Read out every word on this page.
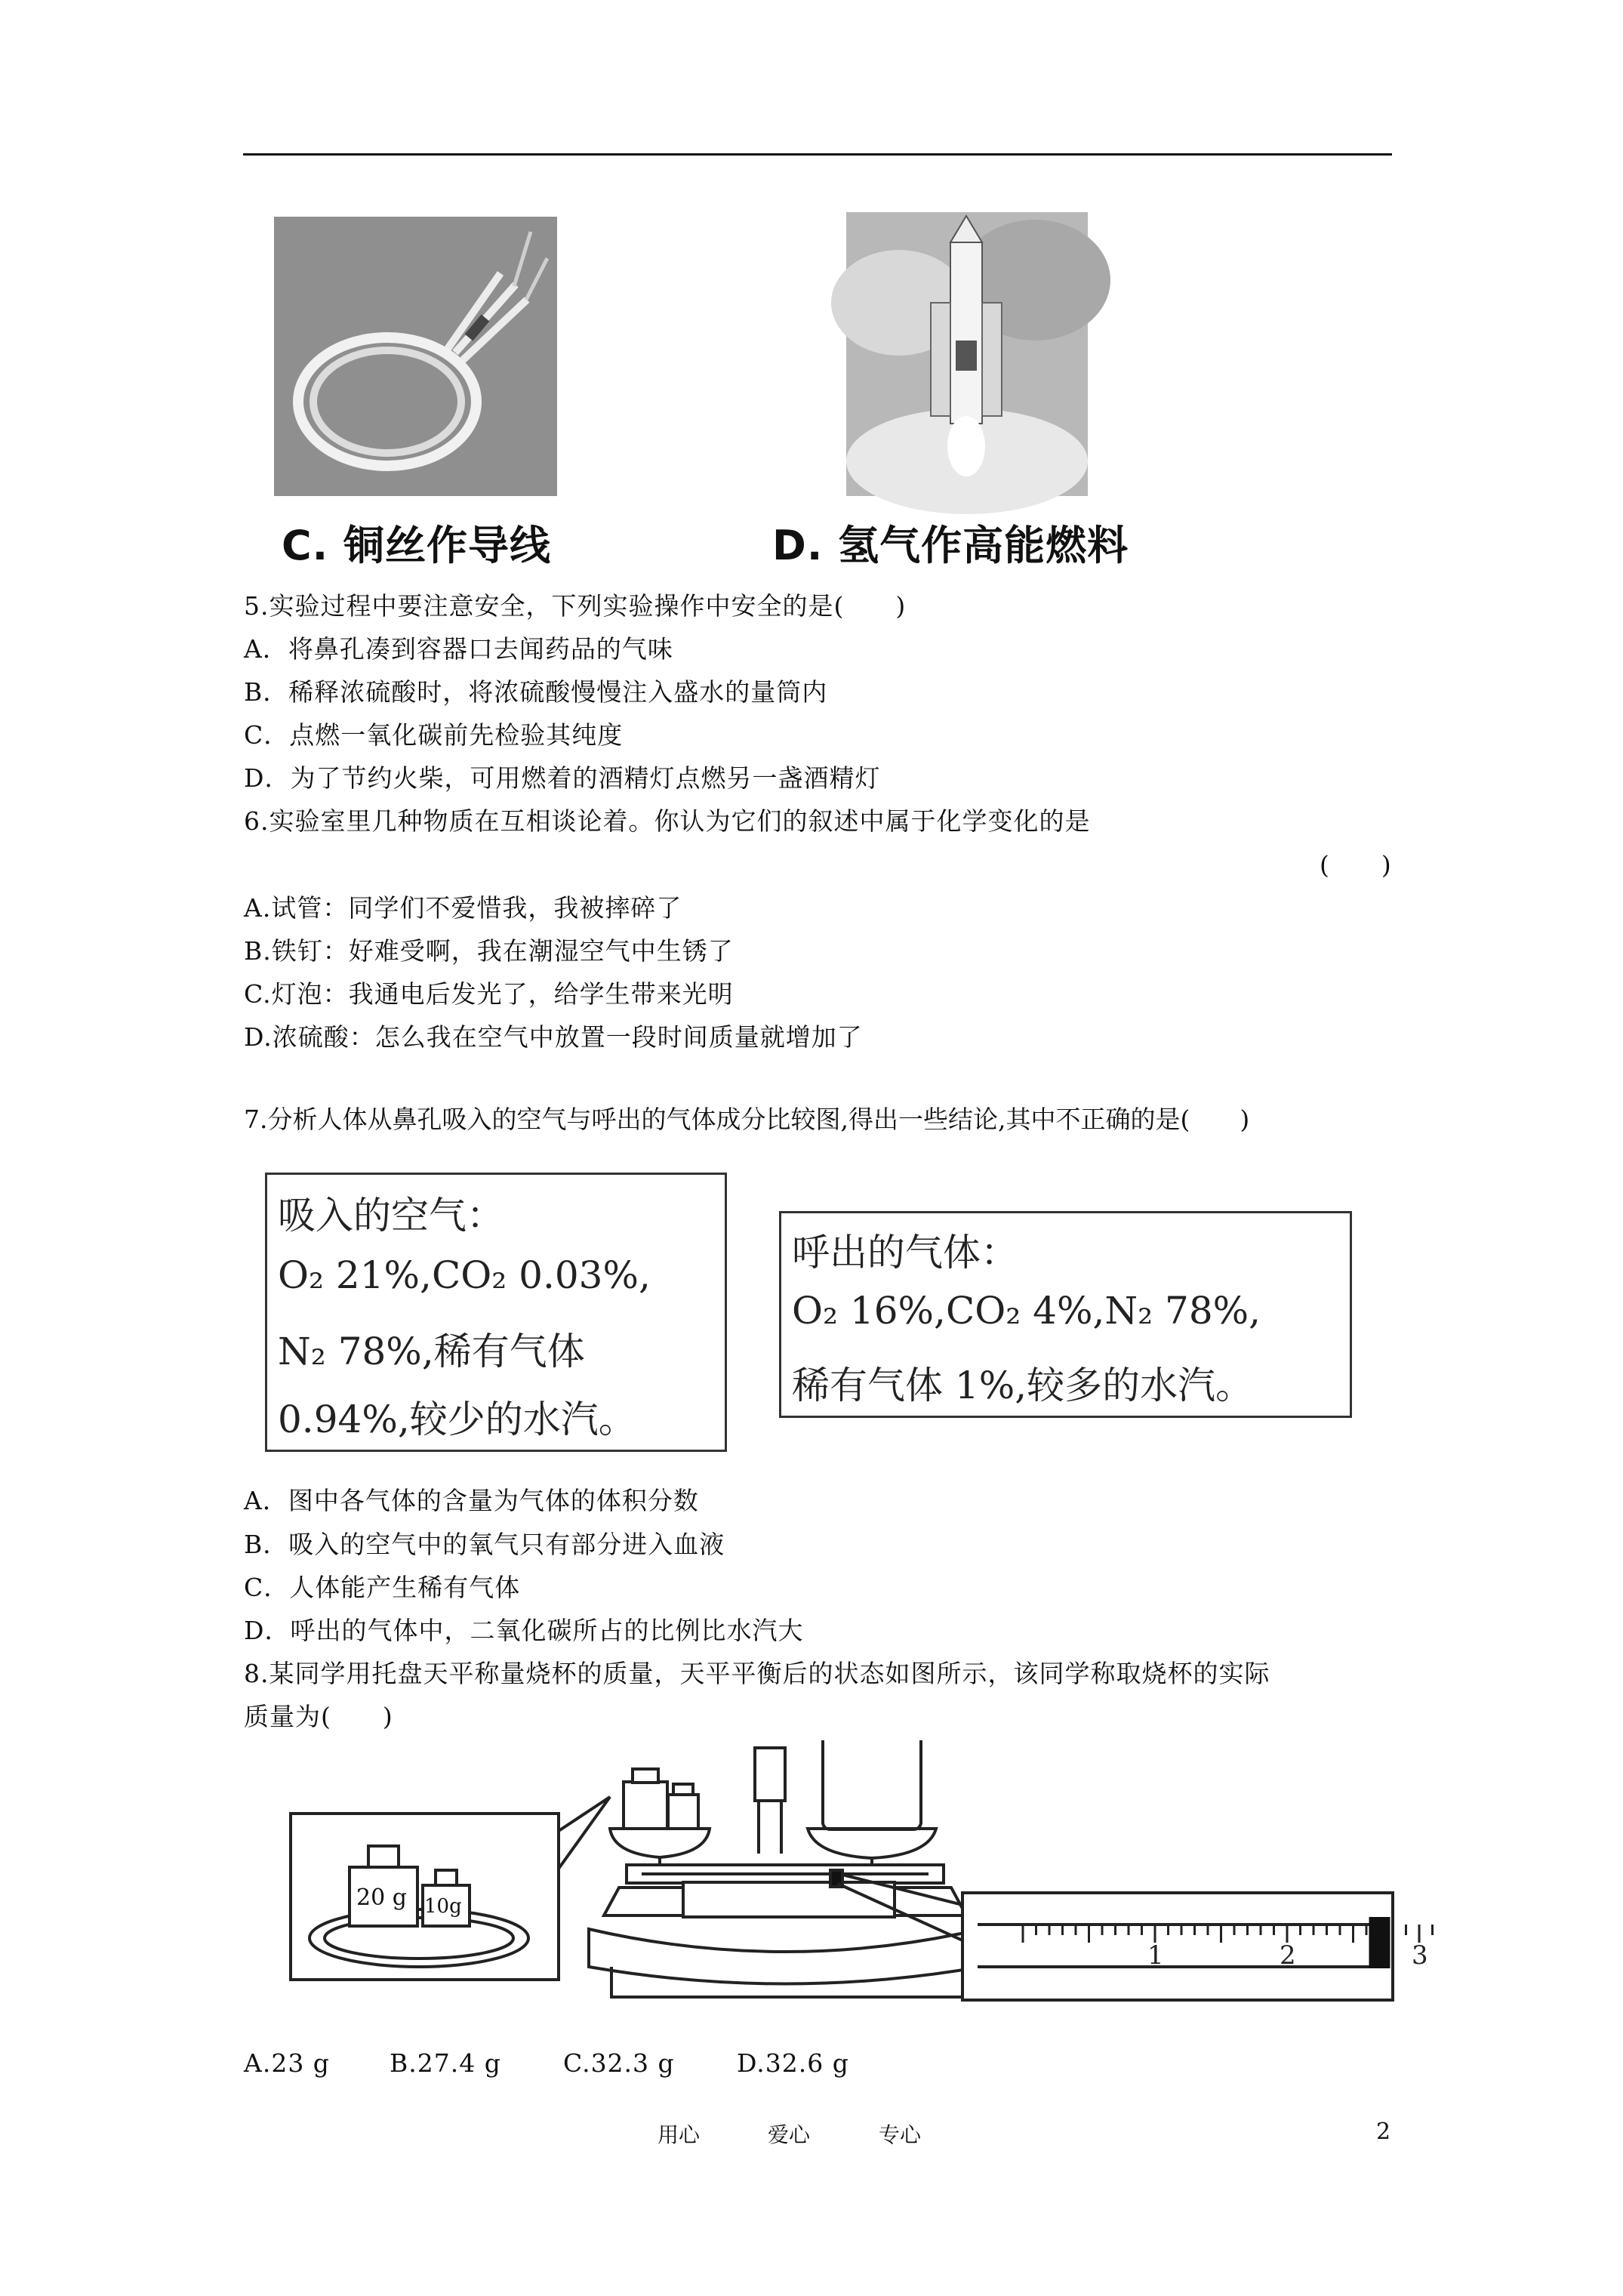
C. 铜丝作导线	D. 氢气作高能燃料
5.实验过程中要注意安全，下列实验操作中安全的是(　　)
A．将鼻孔凑到容器口去闻药品的气味
B．稀释浓硫酸时，将浓硫酸慢慢注入盛水的量筒内
C．点燃一氧化碳前先检验其纯度
D．为了节约火柴，可用燃着的酒精灯点燃另一盏酒精灯
6.实验室里几种物质在互相谈论着。你认为它们的叙述中属于化学变化的是
(　　)
A.试管：同学们不爱惜我，我被摔碎了
B.铁钉：好难受啊，我在潮湿空气中生锈了
C.灯泡：我通电后发光了，给学生带来光明
D.浓硫酸：怎么我在空气中放置一段时间质量就增加了
7.分析人体从鼻孔吸入的空气与呼出的气体成分比较图,得出一些结论,其中不正确的是(　　)
吸入的空气：
O₂ 21%,CO₂ 0.03%,
N₂ 78%,稀有气体
0.94%,较少的水汽。
呼出的气体：
O₂ 16%,CO₂ 4%,N₂ 78%,
稀有气体 1%,较多的水汽。
A．图中各气体的含量为气体的体积分数
B．吸入的空气中的氧气只有部分进入血液
C．人体能产生稀有气体
D．呼出的气体中，二氧化碳所占的比例比水汽大
8.某同学用托盘天平称量烧杯的质量，天平平衡后的状态如图所示，该同学称取烧杯的实际
质量为(　　)
1	2	3
20 g 10g
A.23 g B.27.4 g C.32.3 g D.32.6 g
用心	爱心	专心	2
